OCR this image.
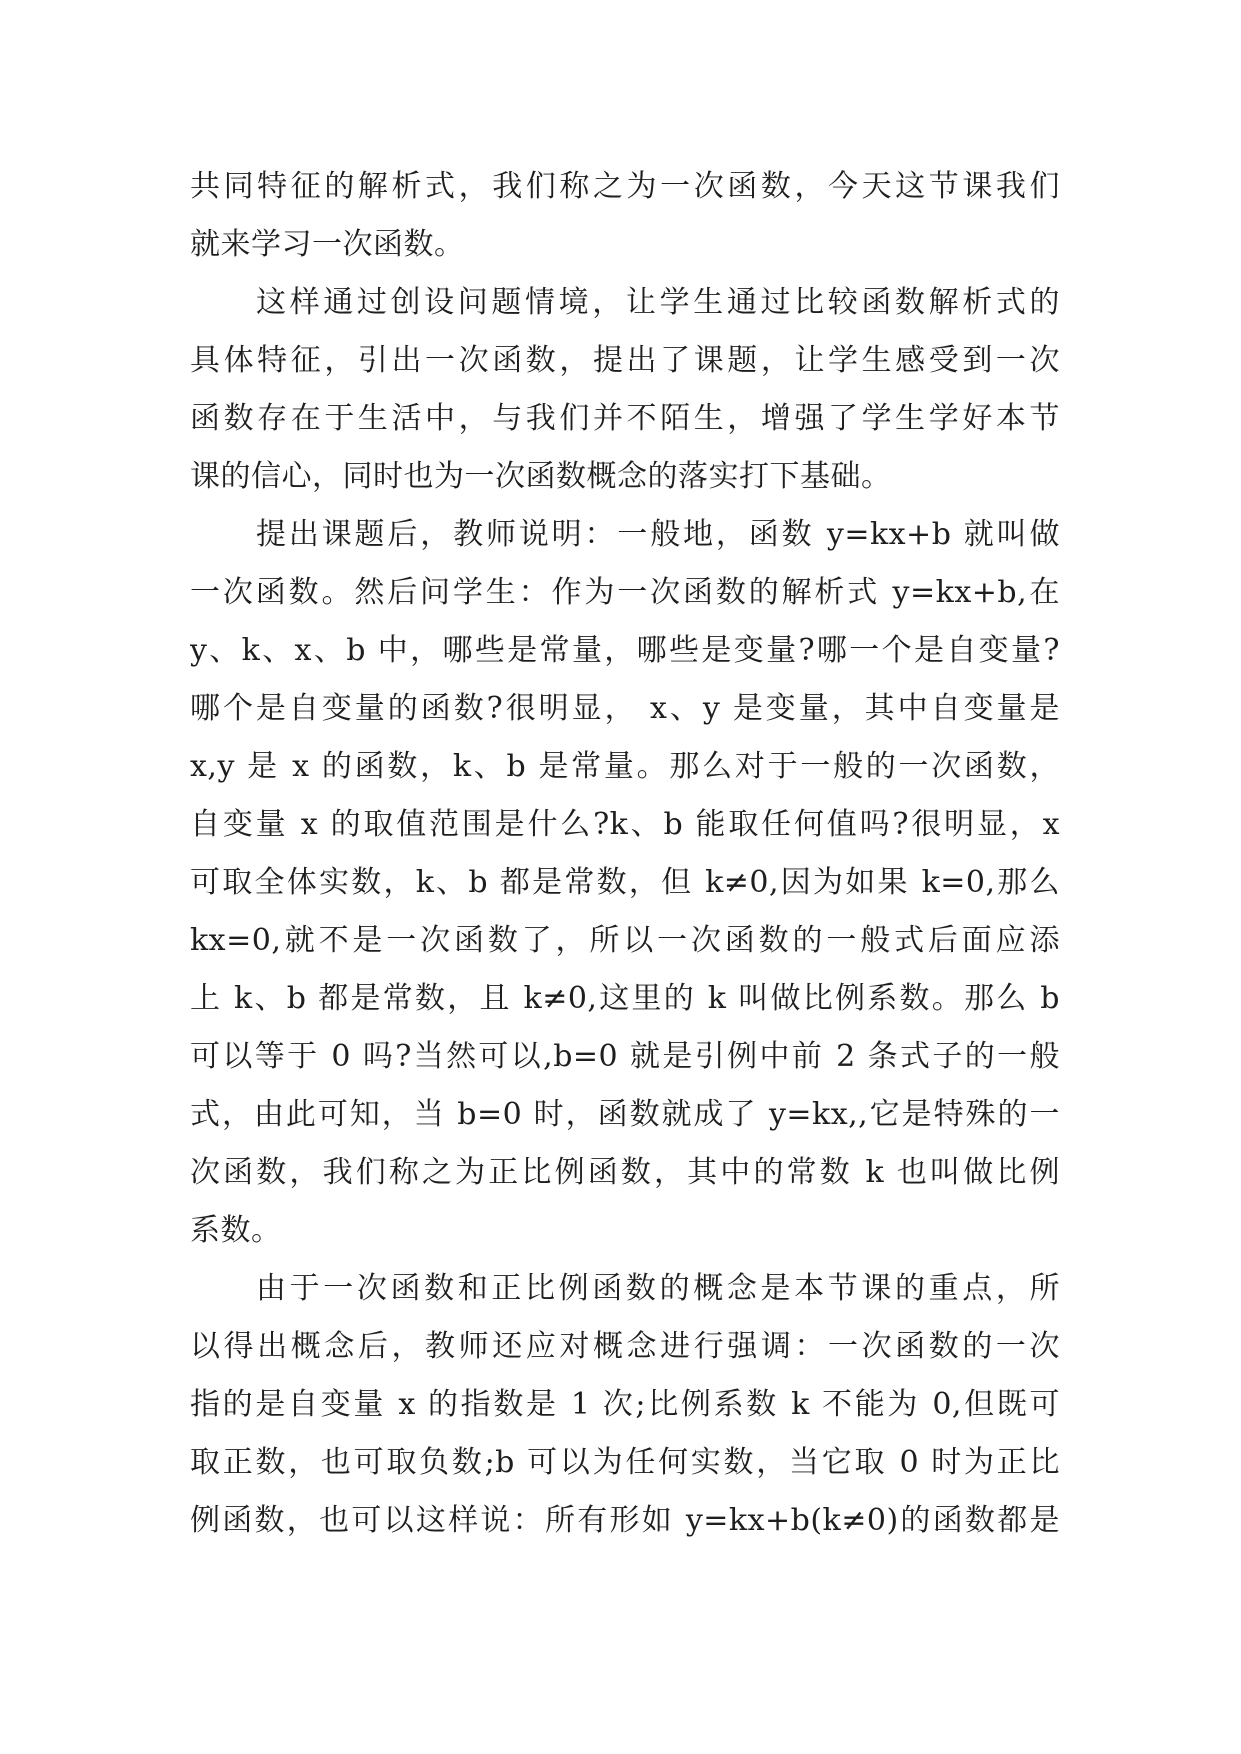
共同特征的解析式，我们称之为一次函数，今天这节课我们
就来学习一次函数。
这样通过创设问题情境，让学生通过比较函数解析式的
具体特征，引出一次函数，提出了课题，让学生感受到一次
函数存在于生活中，与我们并不陌生，增强了学生学好本节
课的信心，同时也为一次函数概念的落实打下基础。
提出课题后，教师说明：一般地，函数 y=kx+b 就叫做
一次函数。然后问学生：作为一次函数的解析式 y=kx+b,在
y、k、x、b 中，哪些是常量，哪些是变量?哪一个是自变量?
哪个是自变量的函数?很明显， x、y 是变量，其中自变量是
x,y 是 x 的函数，k、b 是常量。那么对于一般的一次函数，
自变量 x 的取值范围是什么?k、b 能取任何值吗?很明显，x
可取全体实数，k、b 都是常数，但 k≠0,因为如果 k=0,那么
kx=0,就不是一次函数了，所以一次函数的一般式后面应添
上 k、b 都是常数，且 k≠0,这里的 k 叫做比例系数。那么 b
可以等于 0 吗?当然可以,b=0 就是引例中前 2 条式子的一般
式，由此可知，当 b=0 时，函数就成了 y=kx,,它是特殊的一
次函数，我们称之为正比例函数，其中的常数 k 也叫做比例
系数。
由于一次函数和正比例函数的概念是本节课的重点，所
以得出概念后，教师还应对概念进行强调：一次函数的一次
指的是自变量 x 的指数是 1 次;比例系数 k 不能为 0,但既可
取正数，也可取负数;b 可以为任何实数，当它取 0 时为正比
例函数，也可以这样说：所有形如 y=kx+b(k≠0)的函数都是
